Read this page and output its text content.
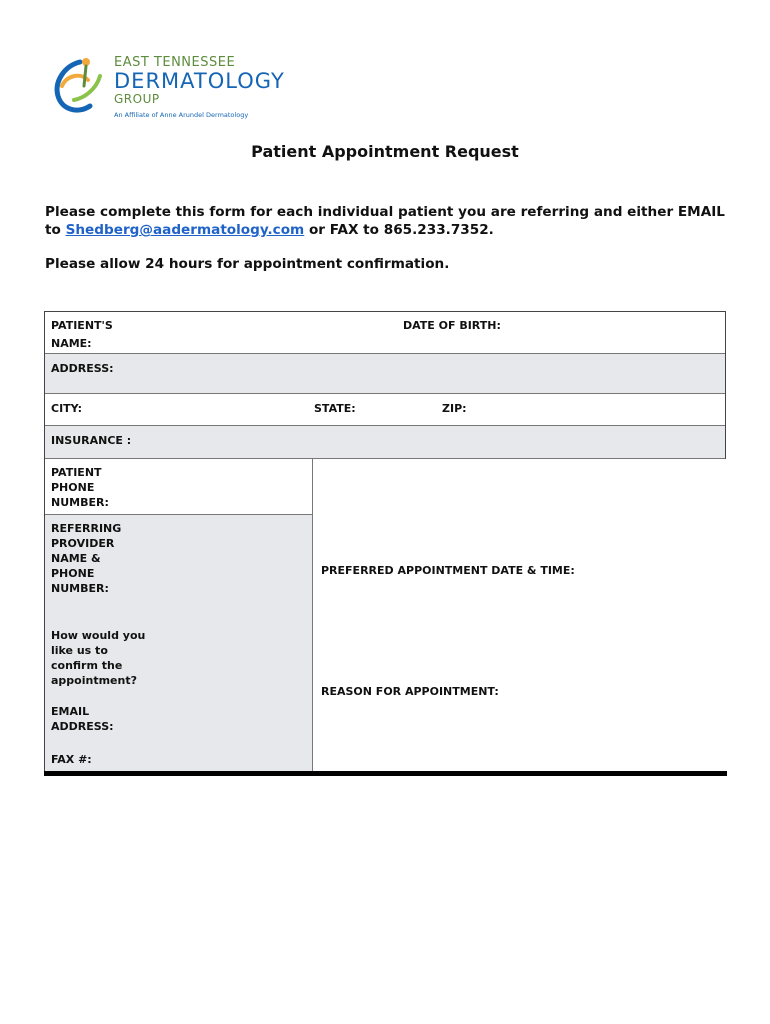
EAST TENNESSEE
DERMATOLOGY
GROUP
An Affiliate of Anne Arundel Dermatology
Patient Appointment Request
Please complete this form for each individual patient you are referring and either EMAIL to Shedberg@aadermatology.com or FAX to 865.233.7352.
Please allow 24 hours for appointment confirmation.
PATIENT'S
NAME:
DATE OF BIRTH:
ADDRESS:
CITY:	STATE:	ZIP:
INSURANCE :
PATIENT
PHONE
NUMBER:
REFERRING
PROVIDER
NAME &
PHONE
NUMBER:
How would you
like us to
confirm the
appointment?
EMAIL
ADDRESS:
FAX #:
PREFERRED APPOINTMENT DATE & TIME:
REASON FOR APPOINTMENT:
